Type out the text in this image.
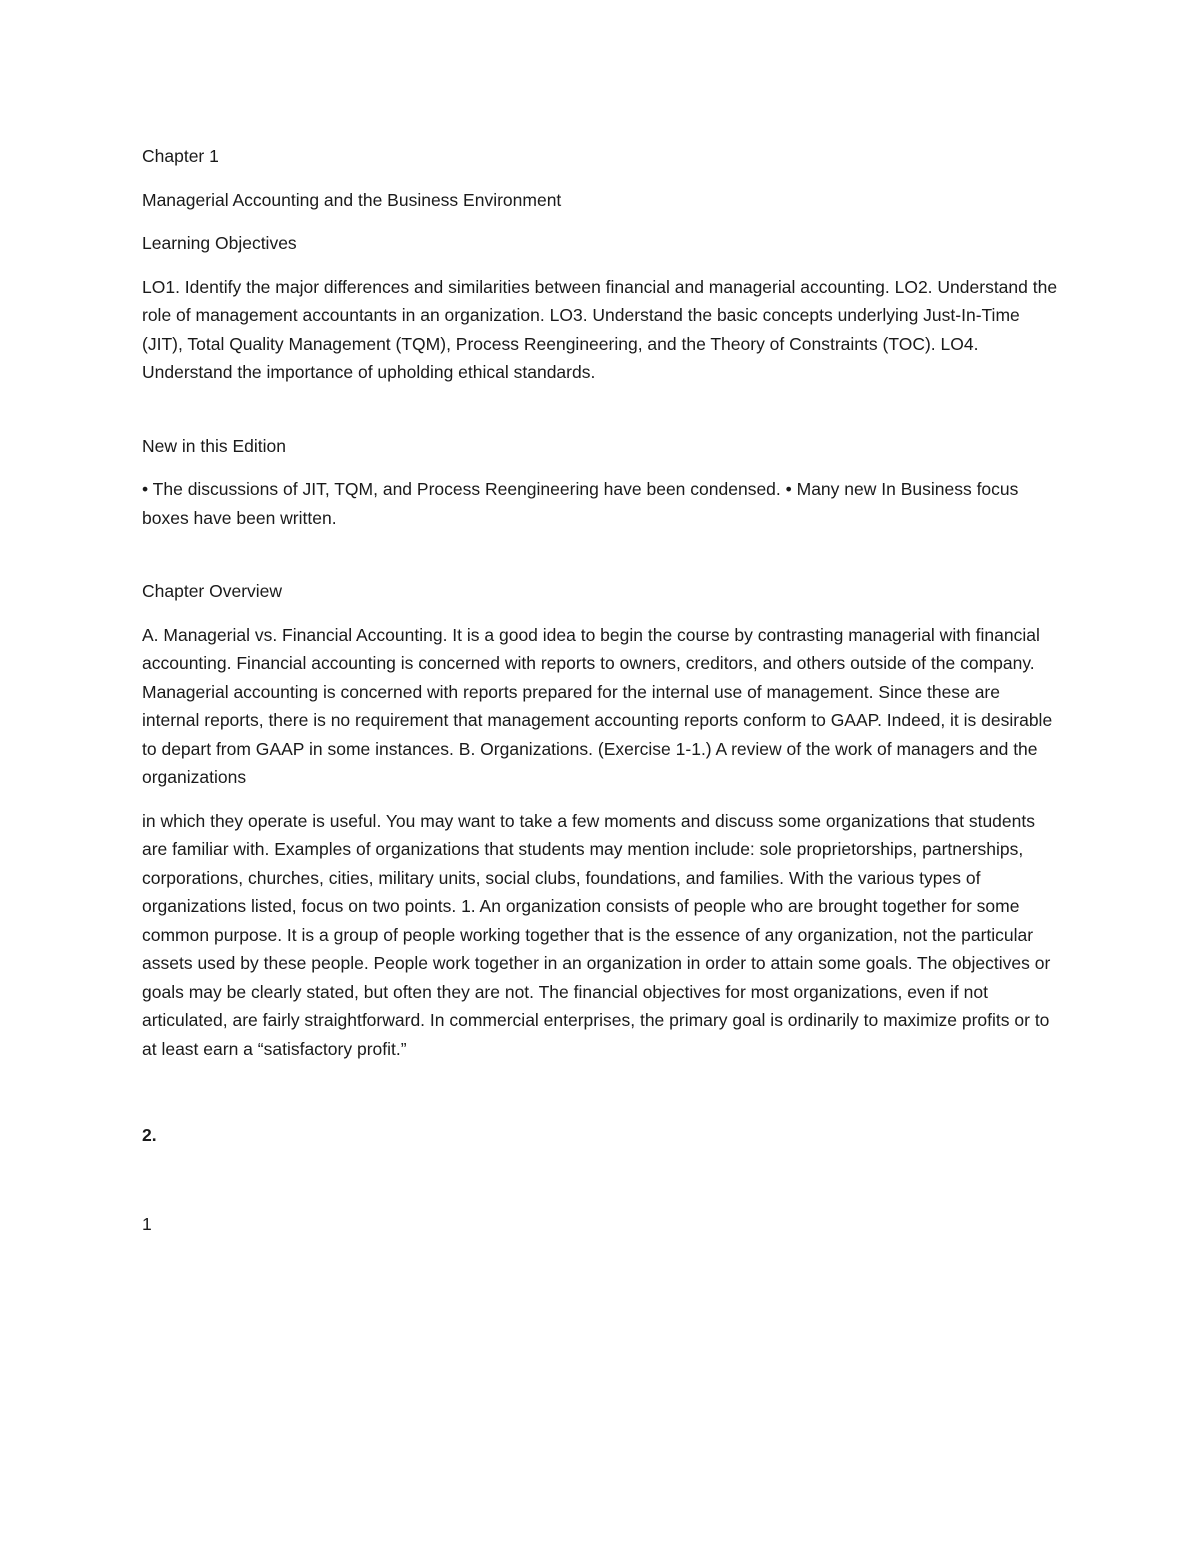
Chapter 1

Managerial Accounting and the Business Environment

Learning Objectives

LO1. Identify the major differences and similarities between financial and managerial accounting. LO2. Understand the role of management accountants in an organization. LO3. Understand the basic concepts underlying Just-In-Time (JIT), Total Quality Management (TQM), Process Reengineering, and the Theory of Constraints (TOC). LO4. Understand the importance of upholding ethical standards.

New in this Edition

• The discussions of JIT, TQM, and Process Reengineering have been condensed. • Many new In Business focus boxes have been written.

Chapter Overview

A. Managerial vs. Financial Accounting. It is a good idea to begin the course by contrasting managerial with financial accounting. Financial accounting is concerned with reports to owners, creditors, and others outside of the company. Managerial accounting is concerned with reports prepared for the internal use of management. Since these are internal reports, there is no requirement that management accounting reports conform to GAAP. Indeed, it is desirable to depart from GAAP in some instances. B. Organizations. (Exercise 1-1.) A review of the work of managers and the organizations

in which they operate is useful. You may want to take a few moments and discuss some organizations that students are familiar with. Examples of organizations that students may mention include: sole proprietorships, partnerships, corporations, churches, cities, military units, social clubs, foundations, and families. With the various types of organizations listed, focus on two points. 1. An organization consists of people who are brought together for some common purpose. It is a group of people working together that is the essence of any organization, not the particular assets used by these people. People work together in an organization in order to attain some goals. The objectives or goals may be clearly stated, but often they are not. The financial objectives for most organizations, even if not articulated, are fairly straightforward. In commercial enterprises, the primary goal is ordinarily to maximize profits or to at least earn a “satisfactory profit.”

2.

1
